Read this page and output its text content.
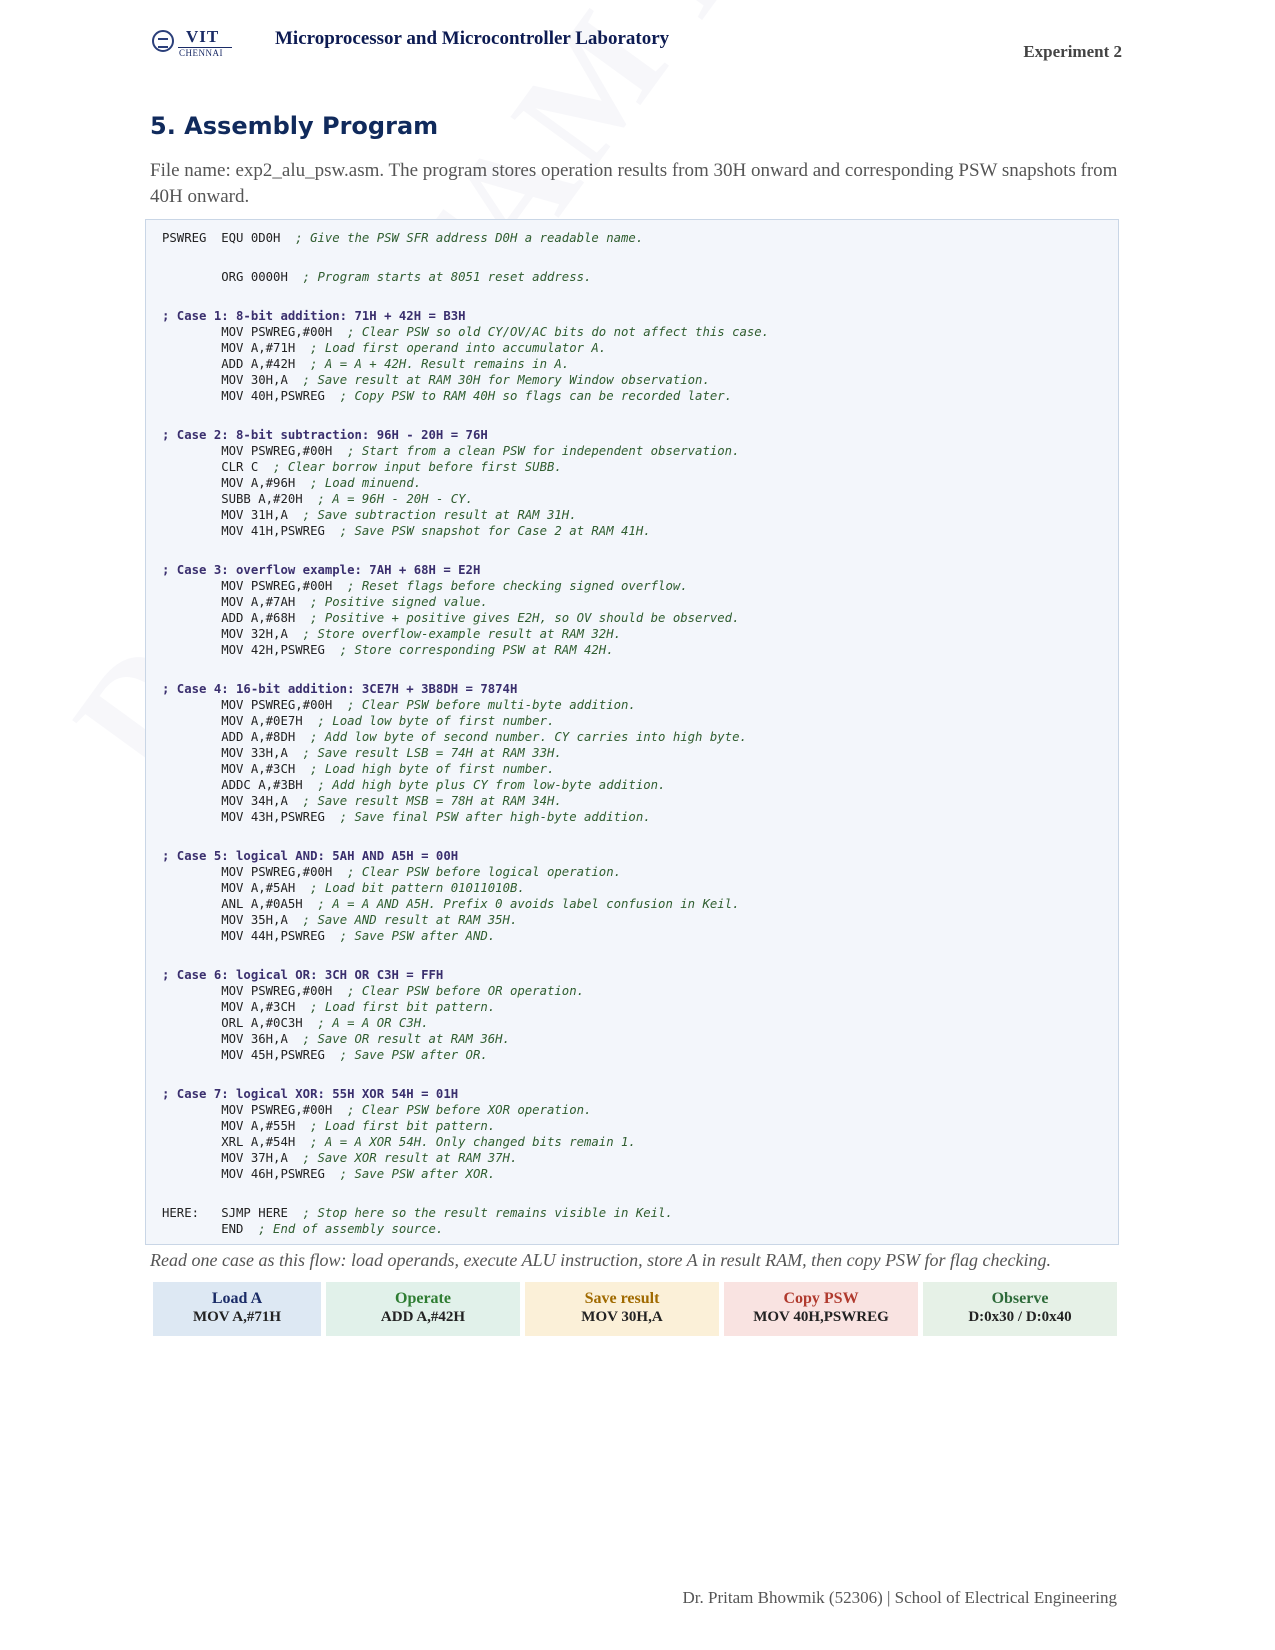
VIT
CHENNAI
Microprocessor and Microcontroller Laboratory
Experiment 2
5. Assembly Program
File name: exp2_alu_psw.asm. The program stores operation results from 30H onward and corresponding PSW snapshots from 40H onward.
PSWREG  EQU 0D0H  ; Give the PSW SFR address D0H a readable name.
ORG 0000H  ; Program starts at 8051 reset address.
; Case 1: 8-bit addition: 71H + 42H = B3H
MOV PSWREG,#00H  ; Clear PSW so old CY/OV/AC bits do not affect this case.
MOV A,#71H  ; Load first operand into accumulator A.
ADD A,#42H  ; A = A + 42H. Result remains in A.
MOV 30H,A  ; Save result at RAM 30H for Memory Window observation.
MOV 40H,PSWREG  ; Copy PSW to RAM 40H so flags can be recorded later.
; Case 2: 8-bit subtraction: 96H - 20H = 76H
MOV PSWREG,#00H  ; Start from a clean PSW for independent observation.
CLR C  ; Clear borrow input before first SUBB.
MOV A,#96H  ; Load minuend.
SUBB A,#20H  ; A = 96H - 20H - CY.
MOV 31H,A  ; Save subtraction result at RAM 31H.
MOV 41H,PSWREG  ; Save PSW snapshot for Case 2 at RAM 41H.
; Case 3: overflow example: 7AH + 68H = E2H
MOV PSWREG,#00H  ; Reset flags before checking signed overflow.
MOV A,#7AH  ; Positive signed value.
ADD A,#68H  ; Positive + positive gives E2H, so OV should be observed.
MOV 32H,A  ; Store overflow-example result at RAM 32H.
MOV 42H,PSWREG  ; Store corresponding PSW at RAM 42H.
; Case 4: 16-bit addition: 3CE7H + 3B8DH = 7874H
MOV PSWREG,#00H  ; Clear PSW before multi-byte addition.
MOV A,#0E7H  ; Load low byte of first number.
ADD A,#8DH  ; Add low byte of second number. CY carries into high byte.
MOV 33H,A  ; Save result LSB = 74H at RAM 33H.
MOV A,#3CH  ; Load high byte of first number.
ADDC A,#3BH  ; Add high byte plus CY from low-byte addition.
MOV 34H,A  ; Save result MSB = 78H at RAM 34H.
MOV 43H,PSWREG  ; Save final PSW after high-byte addition.
; Case 5: logical AND: 5AH AND A5H = 00H
MOV PSWREG,#00H  ; Clear PSW before logical operation.
MOV A,#5AH  ; Load bit pattern 01011010B.
ANL A,#0A5H  ; A = A AND A5H. Prefix 0 avoids label confusion in Keil.
MOV 35H,A  ; Save AND result at RAM 35H.
MOV 44H,PSWREG  ; Save PSW after AND.
; Case 6: logical OR: 3CH OR C3H = FFH
MOV PSWREG,#00H  ; Clear PSW before OR operation.
MOV A,#3CH  ; Load first bit pattern.
ORL A,#0C3H  ; A = A OR C3H.
MOV 36H,A  ; Save OR result at RAM 36H.
MOV 45H,PSWREG  ; Save PSW after OR.
; Case 7: logical XOR: 55H XOR 54H = 01H
MOV PSWREG,#00H  ; Clear PSW before XOR operation.
MOV A,#55H  ; Load first bit pattern.
XRL A,#54H  ; A = A XOR 54H. Only changed bits remain 1.
MOV 37H,A  ; Save XOR result at RAM 37H.
MOV 46H,PSWREG  ; Save PSW after XOR.
HERE:   SJMP HERE  ; Stop here so the result remains visible in Keil.
END  ; End of assembly source.
Read one case as this flow: load operands, execute ALU instruction, store A in result RAM, then copy PSW for flag checking.
Load A
MOV A,#71H
Operate
ADD A,#42H
Save result
MOV 30H,A
Copy PSW
MOV 40H,PSWREG
Observe
D:0x30 / D:0x40
Dr. Pritam Bhowmik (52306) | School of Electrical Engineering
